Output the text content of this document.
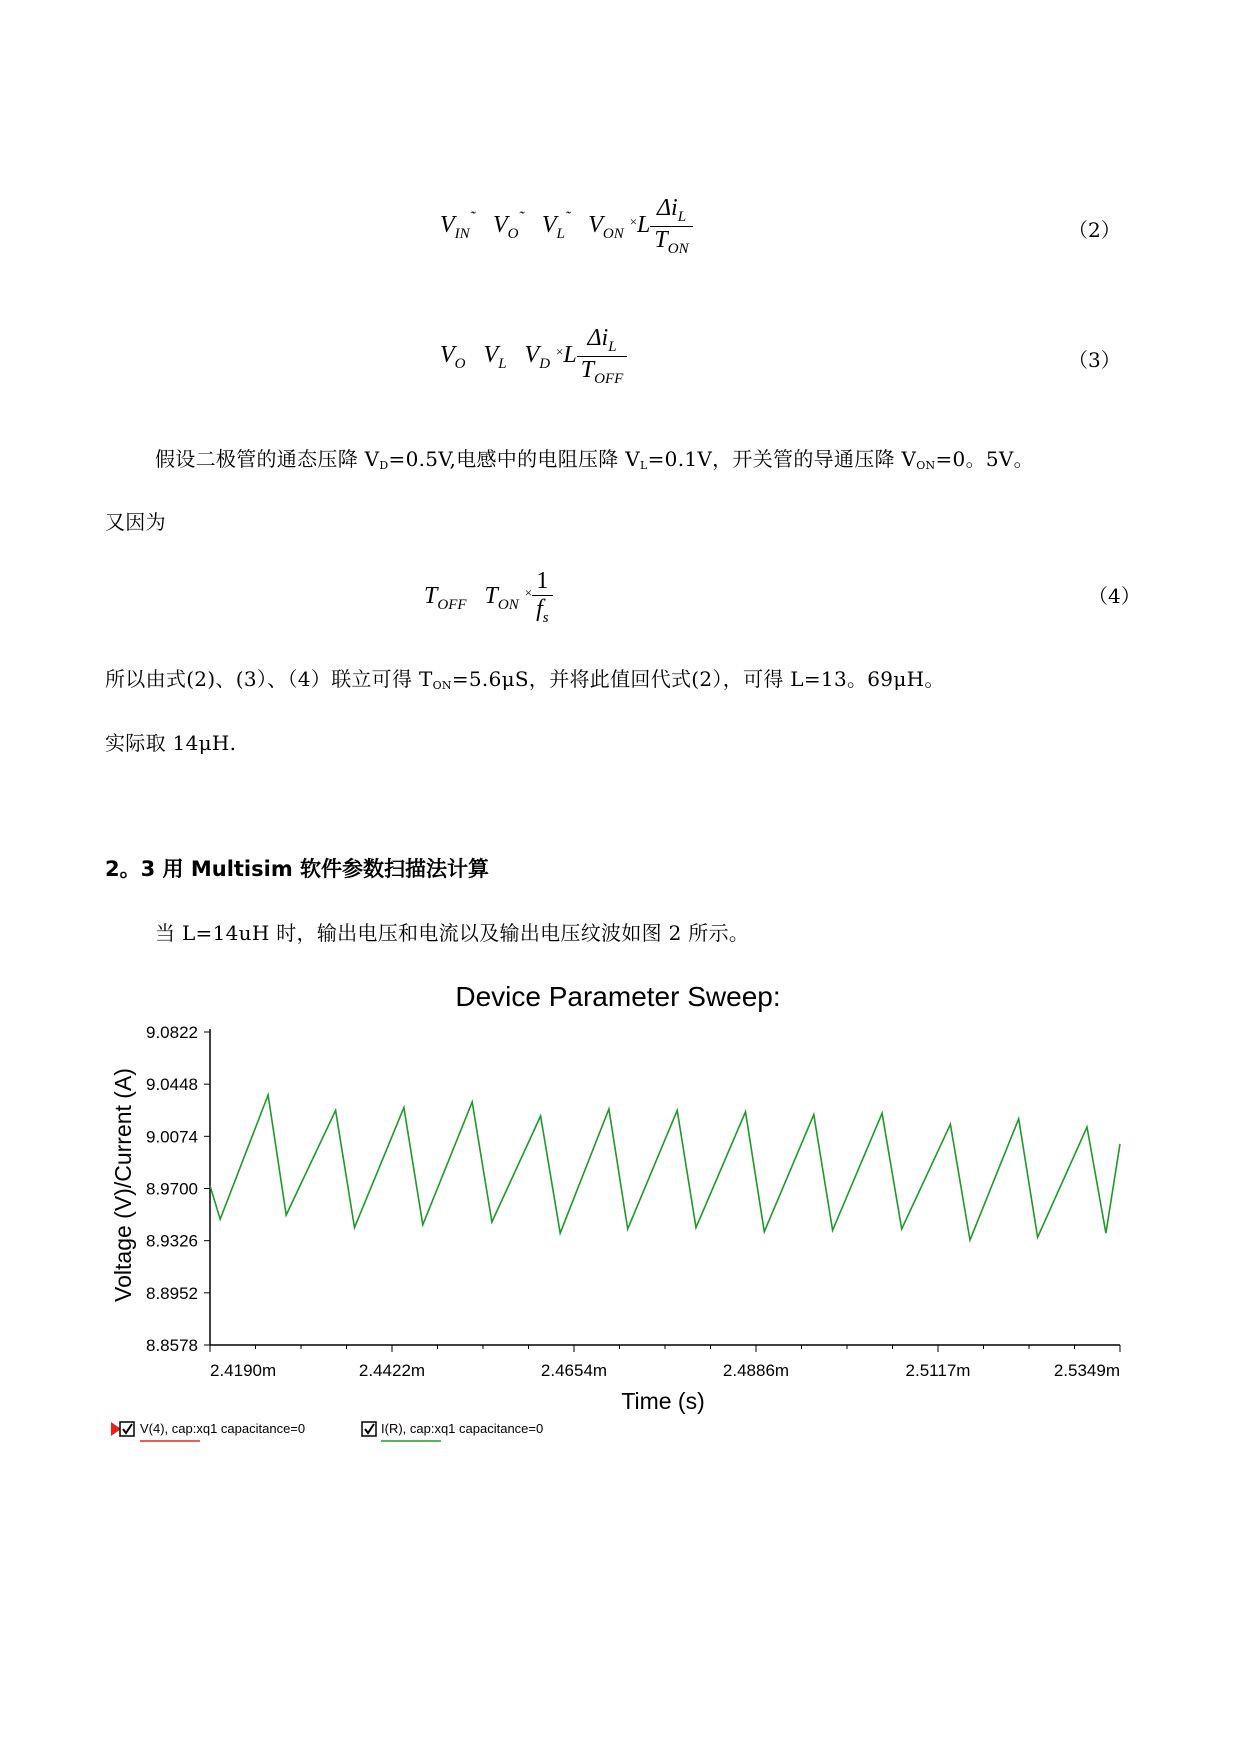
$V_{IN}^˜$ $V_O^˜$ $V_L^˜$ $V_{ON}$ $^\times L \frac{\Delta i_L}{T_{ON}}$	（2）
$V_O$ $V_L$ $V_D$ $^\times L \frac{\Delta i_L}{T_{OFF}}$	（3）
假设二极管的通态压降 $V_D=0.5V$,电感中的电阻压降 $V_L=0.1V$，开关管的导通压降 $V_{ON}=0$。5V。
又因为
$T_{OFF}$ $T_{ON}$ $^\times \frac{1}{f_s}$	（4）
所以由式(2)、(3）、（4）联立可得 $T_{ON}=5.6\mu S$，并将此值回代式(2），可得 L=13。69μH。
实际取 14μH.
2。3 用 Multisim 软件参数扫描法计算
当 L=14uH 时，输出电压和电流以及输出电压纹波如图 2 所示。
Device Parameter Sweep:
Voltage (V)/Current (A)
Time (s)
9.0822
9.0448
9.0074
8.9700
8.9326
8.8952
8.8578
2.4190m	2.4422m	2.4654m	2.4886m	2.5117m	2.5349m
V(4), cap:xq1 capacitance=0	I(R), cap:xq1 capacitance=0
